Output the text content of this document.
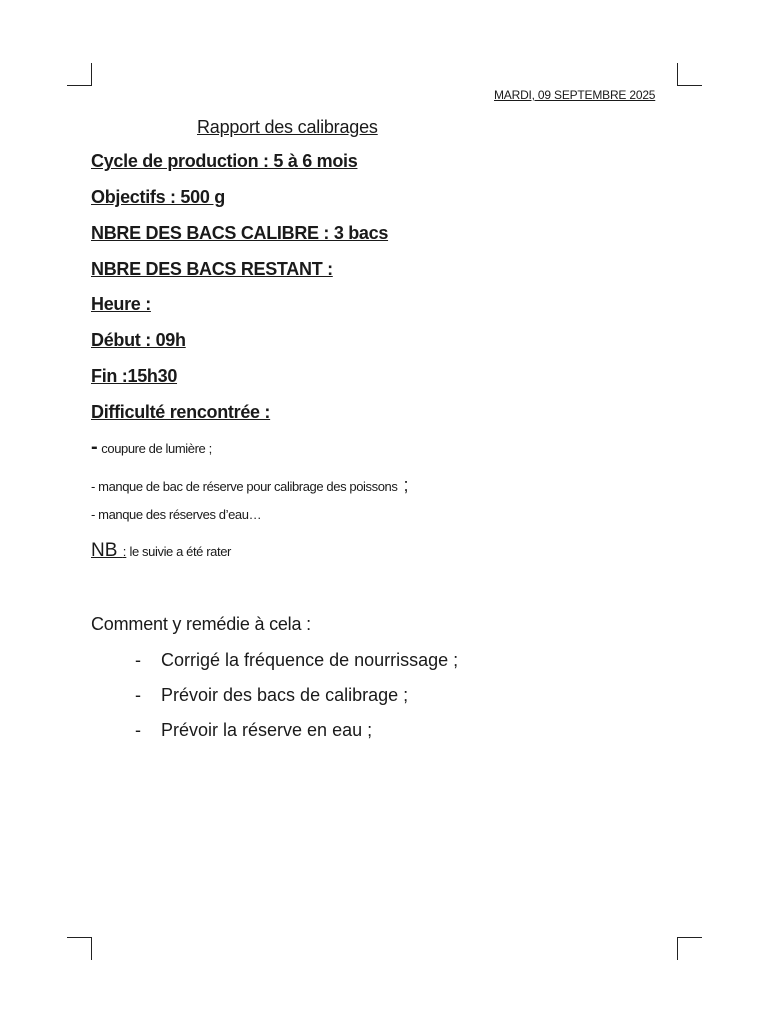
MARDI, 09 SEPTEMBRE 2025
Rapport des calibrages
Cycle de production : 5 à 6 mois
Objectifs : 500 g
NBRE DES BACS CALIBRE : 3 bacs
NBRE DES BACS RESTANT :
Heure :
Début : 09h
Fin :15h30
Difficulté rencontrée :
- coupure de lumière ;
- manque de bac de réserve pour calibrage des poissons ;
- manque des réserves d’eau…
NB : le suivie a été rater
Comment y remédie à cela :
- Corrigé la fréquence de nourrissage ;
- Prévoir des bacs de calibrage ;
- Prévoir la réserve en eau ;
